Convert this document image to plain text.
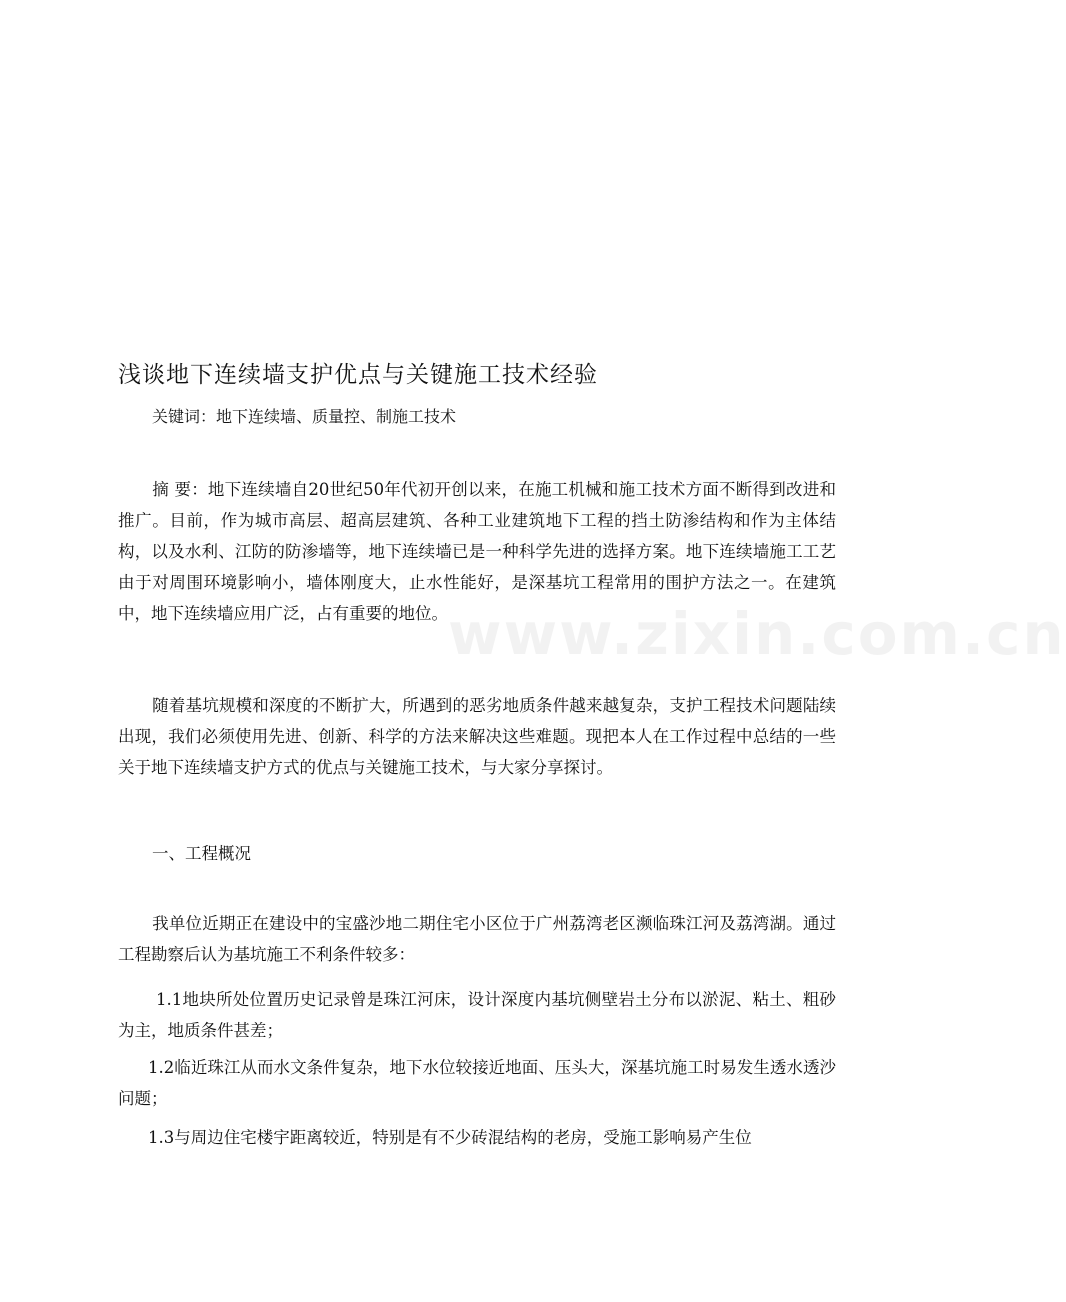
www.zixin.com.cn
浅谈地下连续墙支护优点与关键施工技术经验
关键词：地下连续墙、质量控、制施工技术
摘 要：地下连续墙自20世纪50年代初开创以来，在施工机械和施工技术方面不断得到改进和推广。目前，作为城市高层、超高层建筑、各种工业建筑地下工程的挡土防渗结构和作为主体结构，以及水利、江防的防渗墙等，地下连续墙已是一种科学先进的选择方案。地下连续墙施工工艺由于对周围环境影响小，墙体刚度大，止水性能好，是深基坑工程常用的围护方法之一。在建筑中，地下连续墙应用广泛，占有重要的地位。
随着基坑规模和深度的不断扩大，所遇到的恶劣地质条件越来越复杂，支护工程技术问题陆续出现，我们必须使用先进、创新、科学的方法来解决这些难题。现把本人在工作过程中总结的一些关于地下连续墙支护方式的优点与关键施工技术，与大家分享探讨。
一、工程概况
我单位近期正在建设中的宝盛沙地二期住宅小区位于广州荔湾老区濒临珠江河及荔湾湖。通过工程勘察后认为基坑施工不利条件较多：
1.1地块所处位置历史记录曾是珠江河床，设计深度内基坑侧壁岩土分布以淤泥、粘土、粗砂为主，地质条件甚差；
1.2临近珠江从而水文条件复杂，地下水位较接近地面、压头大，深基坑施工时易发生透水透沙问题；
1.3与周边住宅楼宇距离较近，特别是有不少砖混结构的老房，受施工影响易产生位
